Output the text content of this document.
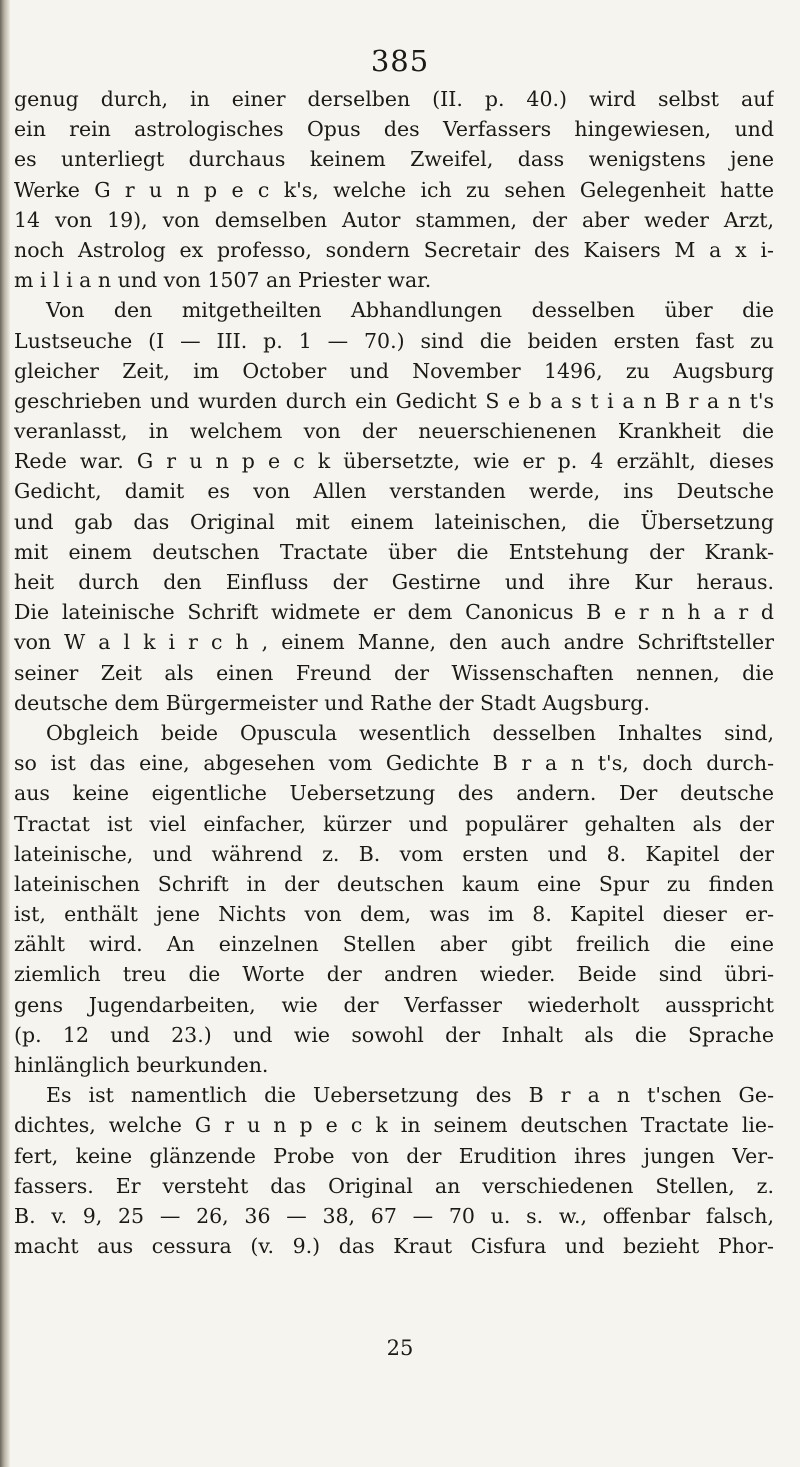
385
genug durch, in einer derselben (II. p. 40.) wird selbst auf
ein rein astrologisches Opus des Verfassers hingewiesen, und
es unterliegt durchaus keinem Zweifel, dass wenigstens jene
Werke G r u n p e c k's, welche ich zu sehen Gelegenheit hatte
14 von 19), von demselben Autor stammen, der aber weder Arzt,
noch Astrolog ex professo, sondern Secretair des Kaisers M a x i-
m i l i a n und von 1507 an Priester war.
Von den mitgetheilten Abhandlungen desselben über die
Lustseuche (I — III. p. 1 — 70.) sind die beiden ersten fast zu
gleicher Zeit, im October und November 1496, zu Augsburg
geschrieben und wurden durch ein Gedicht S e b a s t i a n B r a n t's
veranlasst, in welchem von der neuerschienenen Krankheit die
Rede war. G r u n p e c k übersetzte, wie er p. 4 erzählt, dieses
Gedicht, damit es von Allen verstanden werde, ins Deutsche
und gab das Original mit einem lateinischen, die Übersetzung
mit einem deutschen Tractate über die Entstehung der Krank-
heit durch den Einfluss der Gestirne und ihre Kur heraus.
Die lateinische Schrift widmete er dem Canonicus B e r n h a r d
von W a l k i r c h , einem Manne, den auch andre Schriftsteller
seiner Zeit als einen Freund der Wissenschaften nennen, die
deutsche dem Bürgermeister und Rathe der Stadt Augsburg.
Obgleich beide Opuscula wesentlich desselben Inhaltes sind,
so ist das eine, abgesehen vom Gedichte B r a n t's, doch durch-
aus keine eigentliche Uebersetzung des andern. Der deutsche
Tractat ist viel einfacher, kürzer und populärer gehalten als der
lateinische, und während z. B. vom ersten und 8. Kapitel der
lateinischen Schrift in der deutschen kaum eine Spur zu finden
ist, enthält jene Nichts von dem, was im 8. Kapitel dieser er-
zählt wird. An einzelnen Stellen aber gibt freilich die eine
ziemlich treu die Worte der andren wieder. Beide sind übri-
gens Jugendarbeiten, wie der Verfasser wiederholt ausspricht
(p. 12 und 23.) und wie sowohl der Inhalt als die Sprache
hinlänglich beurkunden.
Es ist namentlich die Uebersetzung des B r a n t'schen Ge-
dichtes, welche G r u n p e c k in seinem deutschen Tractate lie-
fert, keine glänzende Probe von der Erudition ihres jungen Ver-
fassers. Er versteht das Original an verschiedenen Stellen, z.
B. v. 9, 25 — 26, 36 — 38, 67 — 70 u. s. w., offenbar falsch,
macht aus cessura (v. 9.) das Kraut Cisfura und bezieht Phor-
25
